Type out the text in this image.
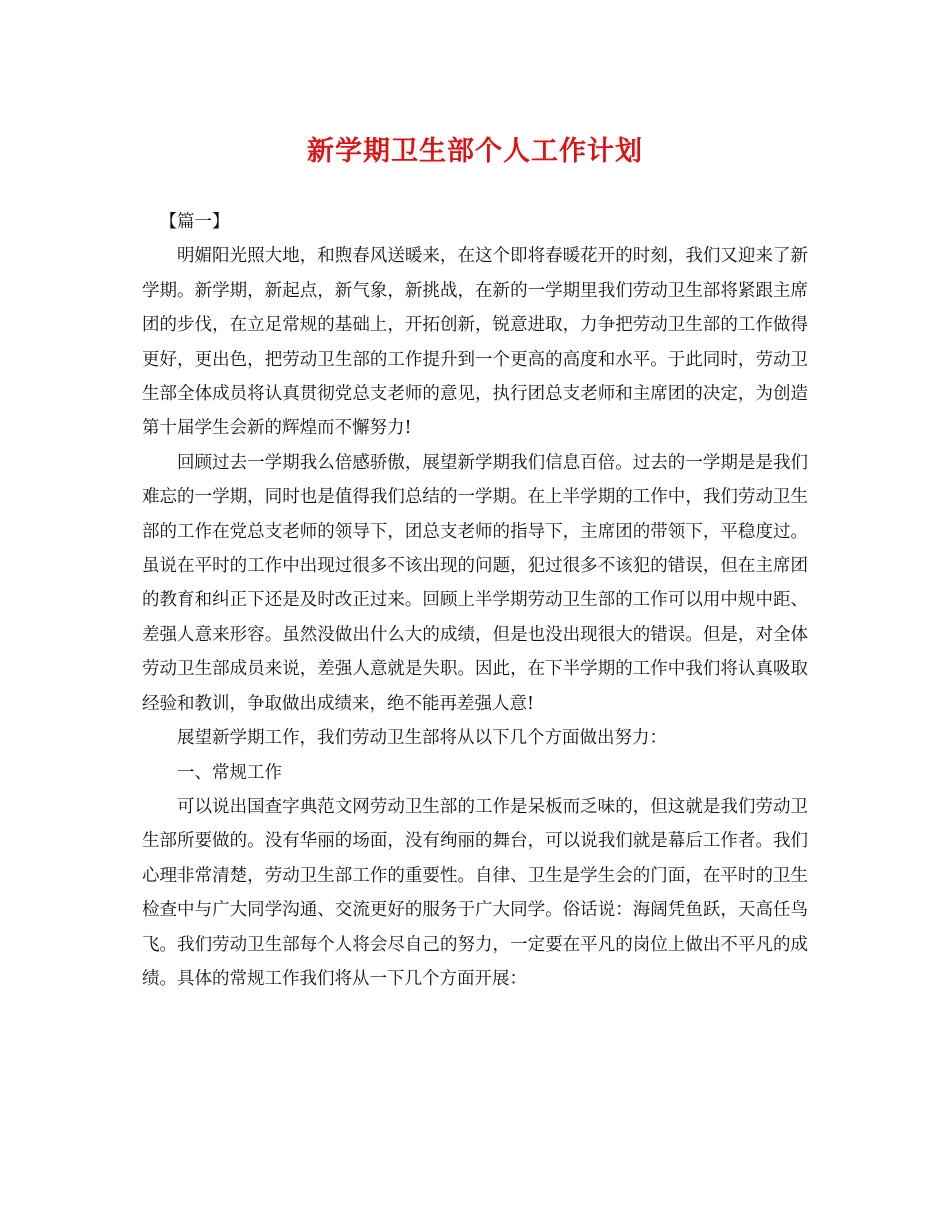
新学期卫生部个人工作计划

【篇一】

明媚阳光照大地，和煦春风送暖来，在这个即将春暖花开的时刻，我们又迎来了新学期。新学期，新起点，新气象，新挑战，在新的一学期里我们劳动卫生部将紧跟主席团的步伐，在立足常规的基础上，开拓创新，锐意进取，力争把劳动卫生部的工作做得更好，更出色，把劳动卫生部的工作提升到一个更高的高度和水平。于此同时，劳动卫生部全体成员将认真贯彻党总支老师的意见，执行团总支老师和主席团的决定，为创造第十届学生会新的辉煌而不懈努力!

回顾过去一学期我么倍感骄傲，展望新学期我们信息百倍。过去的一学期是是我们难忘的一学期，同时也是值得我们总结的一学期。在上半学期的工作中，我们劳动卫生部的工作在党总支老师的领导下，团总支老师的指导下，主席团的带领下，平稳度过。虽说在平时的工作中出现过很多不该出现的问题，犯过很多不该犯的错误，但在主席团的教育和纠正下还是及时改正过来。回顾上半学期劳动卫生部的工作可以用中规中距、差强人意来形容。虽然没做出什么大的成绩，但是也没出现很大的错误。但是，对全体劳动卫生部成员来说，差强人意就是失职。因此，在下半学期的工作中我们将认真吸取经验和教训，争取做出成绩来，绝不能再差强人意!

展望新学期工作，我们劳动卫生部将从以下几个方面做出努力：

一、常规工作

可以说出国查字典范文网劳动卫生部的工作是呆板而乏味的，但这就是我们劳动卫生部所要做的。没有华丽的场面，没有绚丽的舞台，可以说我们就是幕后工作者。我们心理非常清楚，劳动卫生部工作的重要性。自律、卫生是学生会的门面，在平时的卫生检查中与广大同学沟通、交流更好的服务于广大同学。俗话说：海阔凭鱼跃，天高任鸟飞。我们劳动卫生部每个人将会尽自己的努力，一定要在平凡的岗位上做出不平凡的成绩。具体的常规工作我们将从一下几个方面开展：
